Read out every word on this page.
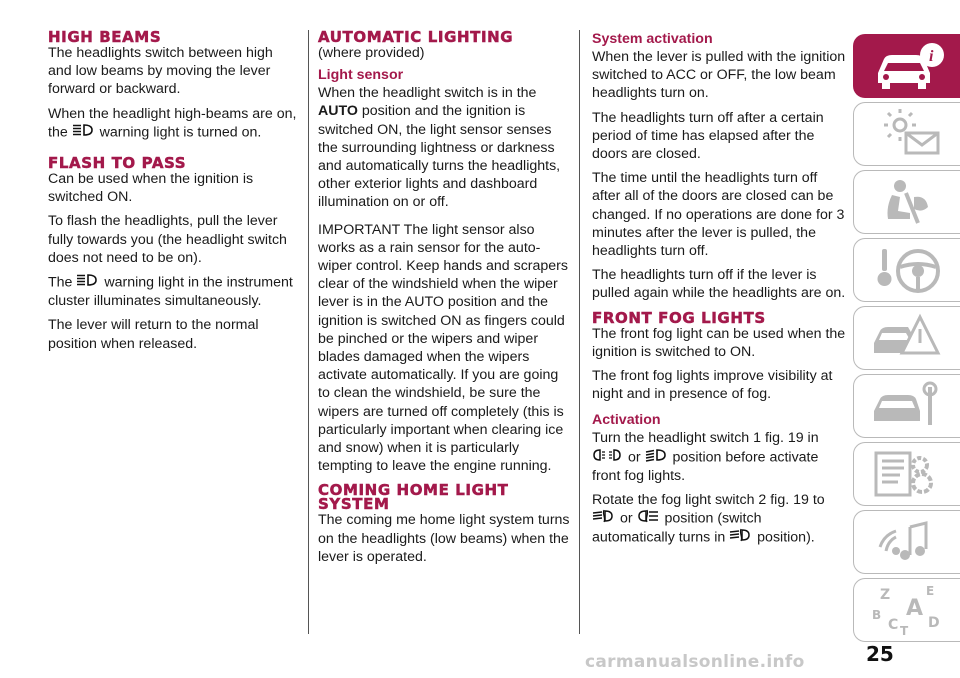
HIGH BEAMS

The headlights switch between high and low beams by moving the lever forward or backward.

When the headlight high-beams are on, the warning light is turned on.

FLASH TO PASS

Can be used when the ignition is switched ON.

To flash the headlights, pull the lever fully towards you (the headlight switch does not need to be on).

The warning light in the instrument cluster illuminates simultaneously.

The lever will return to the normal position when released.

AUTOMATIC LIGHTING

(where provided)

Light sensor

When the headlight switch is in the AUTO position and the ignition is switched ON, the light sensor senses the surrounding lightness or darkness and automatically turns the headlights, other exterior lights and dashboard illumination on or off.

IMPORTANT The light sensor also works as a rain sensor for the auto-wiper control. Keep hands and scrapers clear of the windshield when the wiper lever is in the AUTO position and the ignition is switched ON as fingers could be pinched or the wipers and wiper blades damaged when the wipers activate automatically. If you are going to clean the windshield, be sure the wipers are turned off completely (this is particularly important when clearing ice and snow) when it is particularly tempting to leave the engine running.

COMING HOME LIGHT SYSTEM

The coming me home light system turns on the headlights (low beams) when the lever is operated.

System activation

When the lever is pulled with the ignition switched to ACC or OFF, the low beam headlights turn on.

The headlights turn off after a certain period of time has elapsed after the doors are closed.

The time until the headlights turn off after all of the doors are closed can be changed. If no operations are done for 3 minutes after the lever is pulled, the headlights turn off.

The headlights turn off if the lever is pulled again while the headlights are on.

FRONT FOG LIGHTS

The front fog light can be used when the ignition is switched to ON.

The front fog lights improve visibility at night and in presence of fog.

Activation

Turn the headlight switch 1 fig. 19 in  or position before activate front fog lights.

Rotate the fog light switch 2 fig. 19 to  or position (switch automatically turns in position).

i
Z	E
A
B
C T D
carmanualsonline.info	25
